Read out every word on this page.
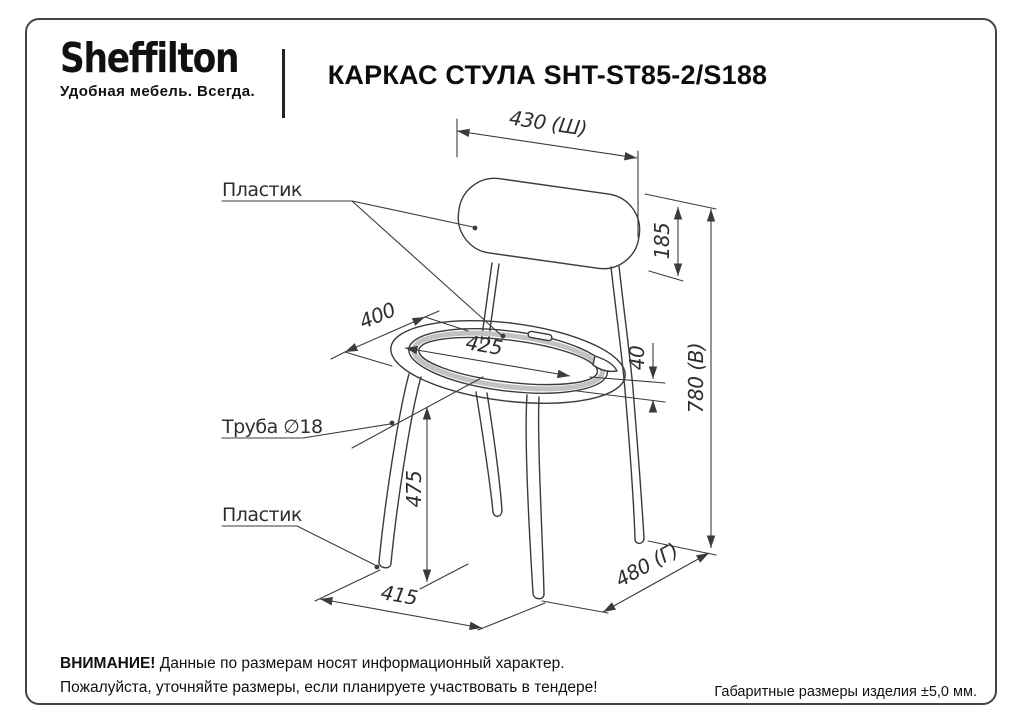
Sheffilton
Удобная мебель. Всегда.
КАРКАС СТУЛА SHT-ST85-2/S188
430 (Ш)
185
780 (В)
400
425	40
475
415
480 (Г)
Пластик
Труба ∅18
Пластик
ВНИМАНИЕ! Данные по размерам носят информационный характер.
Пожалуйста, уточняйте размеры, если планируете участвовать в тендере!	Габаритные размеры изделия ±5,0 мм.
